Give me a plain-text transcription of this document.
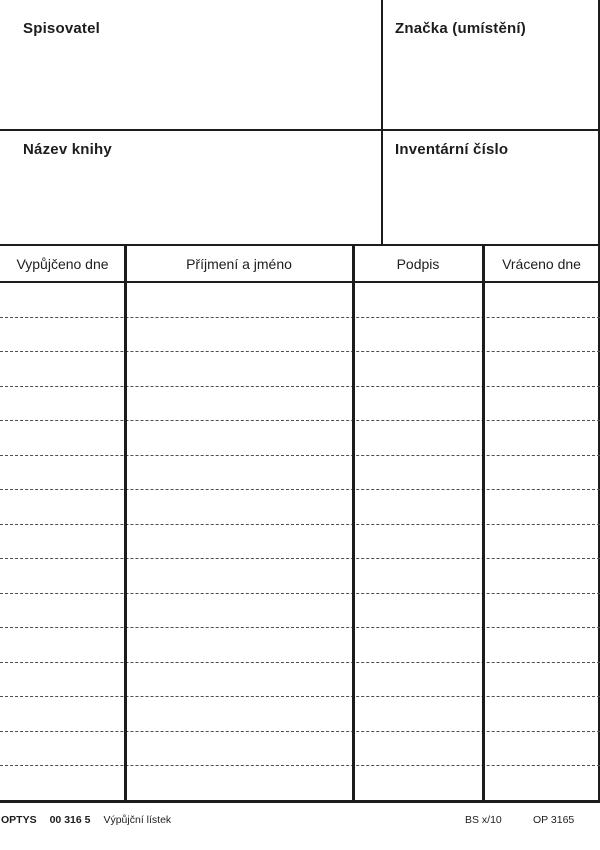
Spisovatel	Značka (umístění)
Název knihy	Inventární číslo
Vypůjčeno dne	Příjmení a jméno	Podpis	Vráceno dne
OPTYS 00 316 5 Výpůjční lístek	BS x/10	OP 3165
